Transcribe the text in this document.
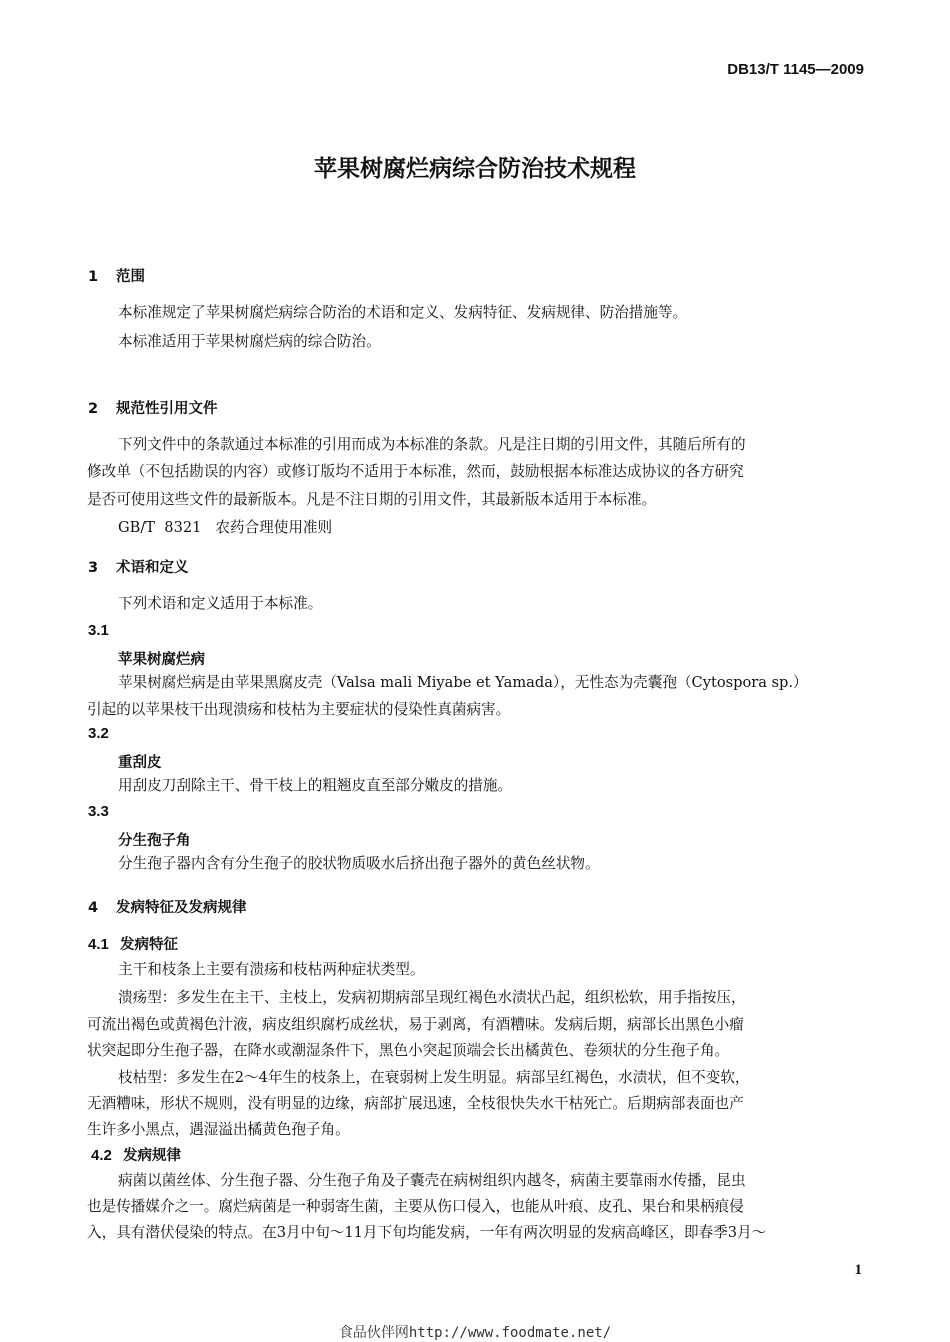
DB13/T 1145—2009
苹果树腐烂病综合防治技术规程
1 范围
本标准规定了苹果树腐烂病综合防治的术语和定义、发病特征、发病规律、防治措施等。
本标准适用于苹果树腐烂病的综合防治。
2 规范性引用文件
下列文件中的条款通过本标准的引用而成为本标准的条款。凡是注日期的引用文件，其随后所有的
修改单（不包括勘误的内容）或修订版均不适用于本标准，然而，鼓励根据本标准达成协议的各方研究
是否可使用这些文件的最新版本。凡是不注日期的引用文件，其最新版本适用于本标准。
GB/T  8321   农药合理使用准则
3 术语和定义
下列术语和定义适用于本标准。
3.1
苹果树腐烂病
苹果树腐烂病是由苹果黑腐皮壳（Valsa mali Miyabe et Yamada），无性态为壳囊孢（Cytospora sp.）
引起的以苹果枝干出现溃疡和枝枯为主要症状的侵染性真菌病害。
3.2
重刮皮
用刮皮刀刮除主干、骨干枝上的粗翘皮直至部分嫩皮的措施。
3.3
分生孢子角
分生孢子器内含有分生孢子的胶状物质吸水后挤出孢子器外的黄色丝状物。
4 发病特征及发病规律
4.1 发病特征
主干和枝条上主要有溃疡和枝枯两种症状类型。
溃疡型：多发生在主干、主枝上，发病初期病部呈现红褐色水渍状凸起，组织松软，用手指按压，
可流出褐色或黄褐色汁液，病皮组织腐朽成丝状，易于剥离，有酒糟味。发病后期，病部长出黑色小瘤
状突起即分生孢子器，在降水或潮湿条件下，黑色小突起顶端会长出橘黄色、卷须状的分生孢子角。
枝枯型：多发生在2～4年生的枝条上，在衰弱树上发生明显。病部呈红褐色，水渍状，但不变软，
无酒糟味，形状不规则，没有明显的边缘，病部扩展迅速，全枝很快失水干枯死亡。后期病部表面也产
生许多小黑点，遇湿溢出橘黄色孢子角。
4.2 发病规律
病菌以菌丝体、分生孢子器、分生孢子角及子囊壳在病树组织内越冬，病菌主要靠雨水传播，昆虫
也是传播媒介之一。腐烂病菌是一种弱寄生菌，主要从伤口侵入，也能从叶痕、皮孔、果台和果柄痕侵
入，具有潜伏侵染的特点。在3月中旬～11月下旬均能发病，一年有两次明显的发病高峰区，即春季3月～
1
食品伙伴网http://www.foodmate.net/
